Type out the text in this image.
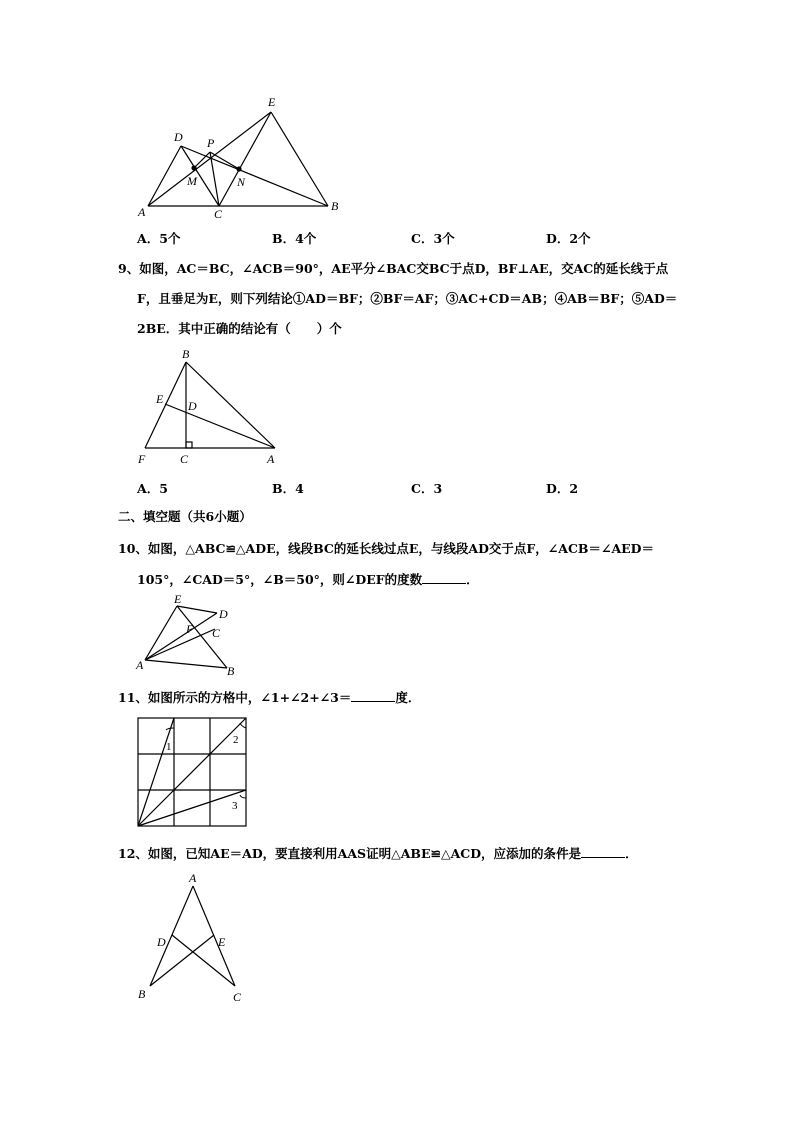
E
D P
M	N
A	C
B
A．5个	B．4个	C．3个	D．2个
9、如图，AC＝BC，∠ACB＝90°，AE平分∠BAC交BC于点D，BF⊥AE，交AC的延长线于点
F，且垂足为E，则下列结论①AD＝BF；②BF＝AF；③AC+CD＝AB；④AB＝BF；⑤AD＝
2BE．其中正确的结论有（ ）个
B
E D
F	C	A
A．5	B．4	C．3	D．2
二、填空题（共6小题）
10、如图，△ABC≌△ADE，线段BC的延长线过点E，与线段AD交于点F，∠ACB＝∠AED＝
105°，∠CAD＝5°，∠B＝50°，则∠DEF的度数	．
E
D
F C
A	B
11、如图所示的方格中，∠1+∠2+∠3＝	度．
1
2
3
12、如图，已知AE＝AD，要直接利用AAS证明△ABE≌△ACD，应添加的条件是	．
A
D	E
B	C
